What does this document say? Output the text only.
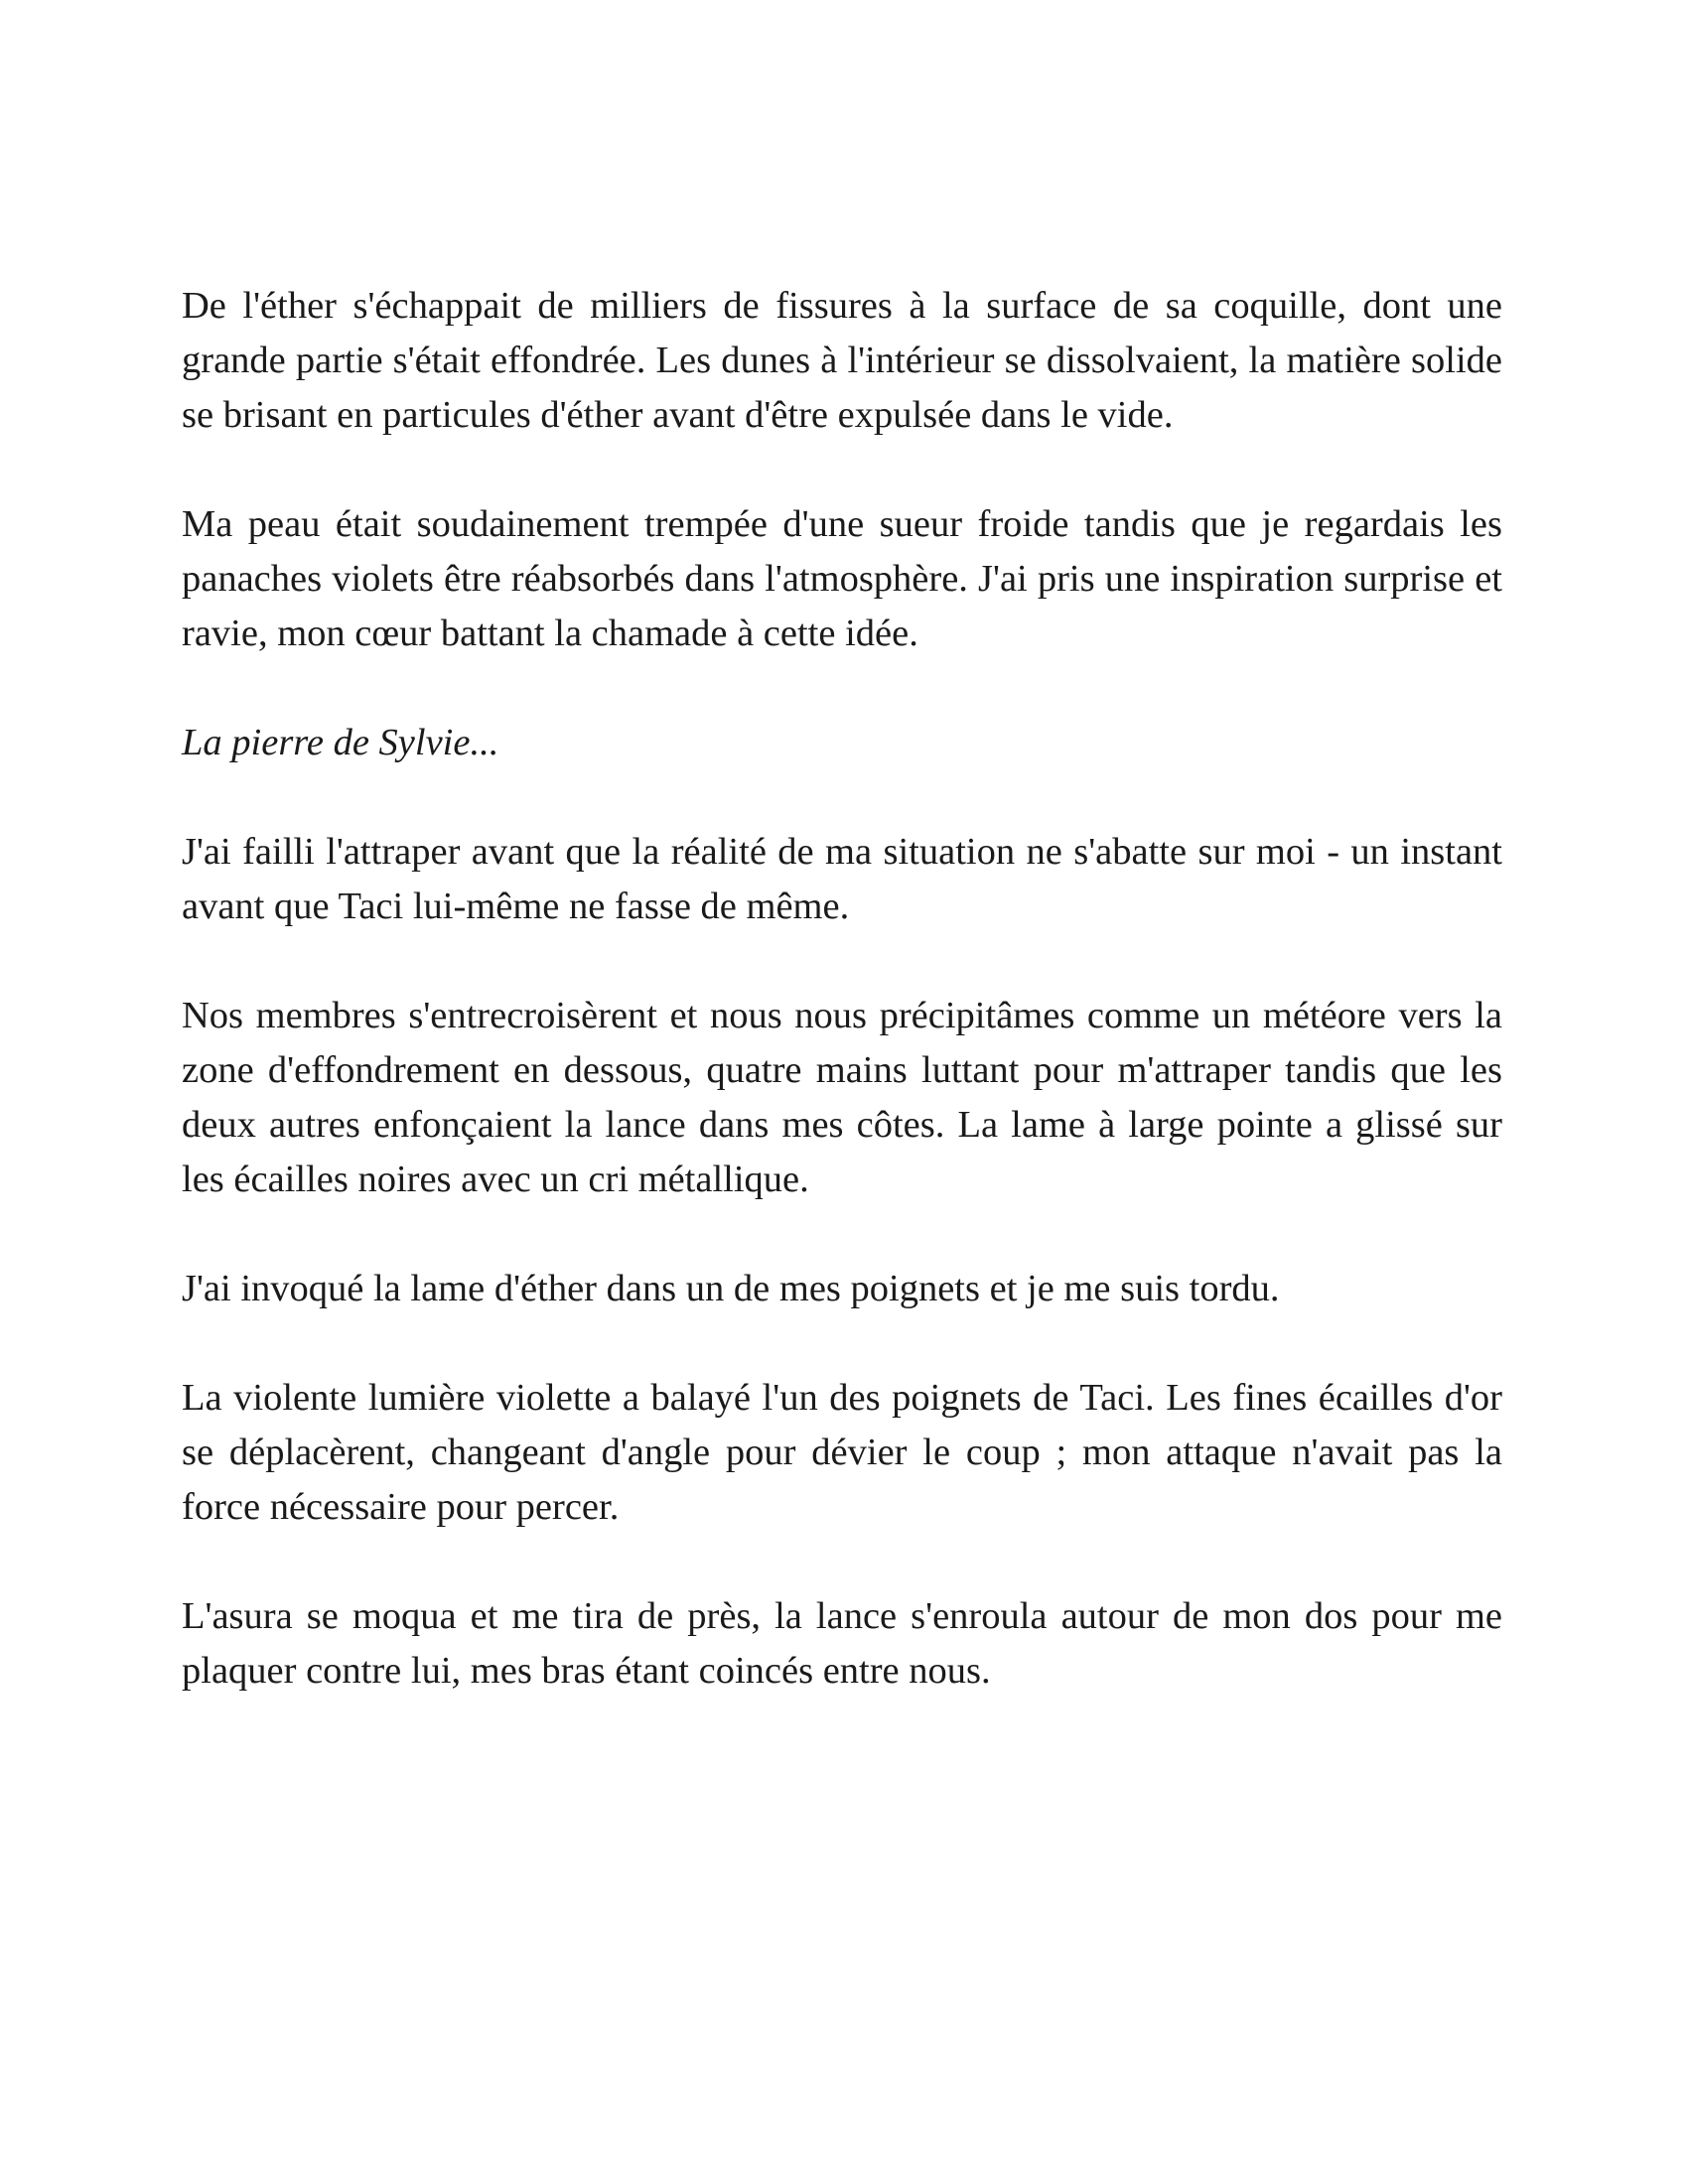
De l'éther s'échappait de milliers de fissures à la surface de sa coquille, dont une grande partie s'était effondrée. Les dunes à l'intérieur se dissolvaient, la matière solide se brisant en particules d'éther avant d'être expulsée dans le vide.

Ma peau était soudainement trempée d'une sueur froide tandis que je regardais les panaches violets être réabsorbés dans l'atmosphère. J'ai pris une inspiration surprise et ravie, mon cœur battant la chamade à cette idée.

La pierre de Sylvie...

J'ai failli l'attraper avant que la réalité de ma situation ne s'abatte sur moi - un instant avant que Taci lui-même ne fasse de même.

Nos membres s'entrecroisèrent et nous nous précipitâmes comme un météore vers la zone d'effondrement en dessous, quatre mains luttant pour m'attraper tandis que les deux autres enfonçaient la lance dans mes côtes. La lame à large pointe a glissé sur les écailles noires avec un cri métallique.

J'ai invoqué la lame d'éther dans un de mes poignets et je me suis tordu.

La violente lumière violette a balayé l'un des poignets de Taci. Les fines écailles d'or se déplacèrent, changeant d'angle pour dévier le coup ; mon attaque n'avait pas la force nécessaire pour percer.

L'asura se moqua et me tira de près, la lance s'enroula autour de mon dos pour me plaquer contre lui, mes bras étant coincés entre nous.
